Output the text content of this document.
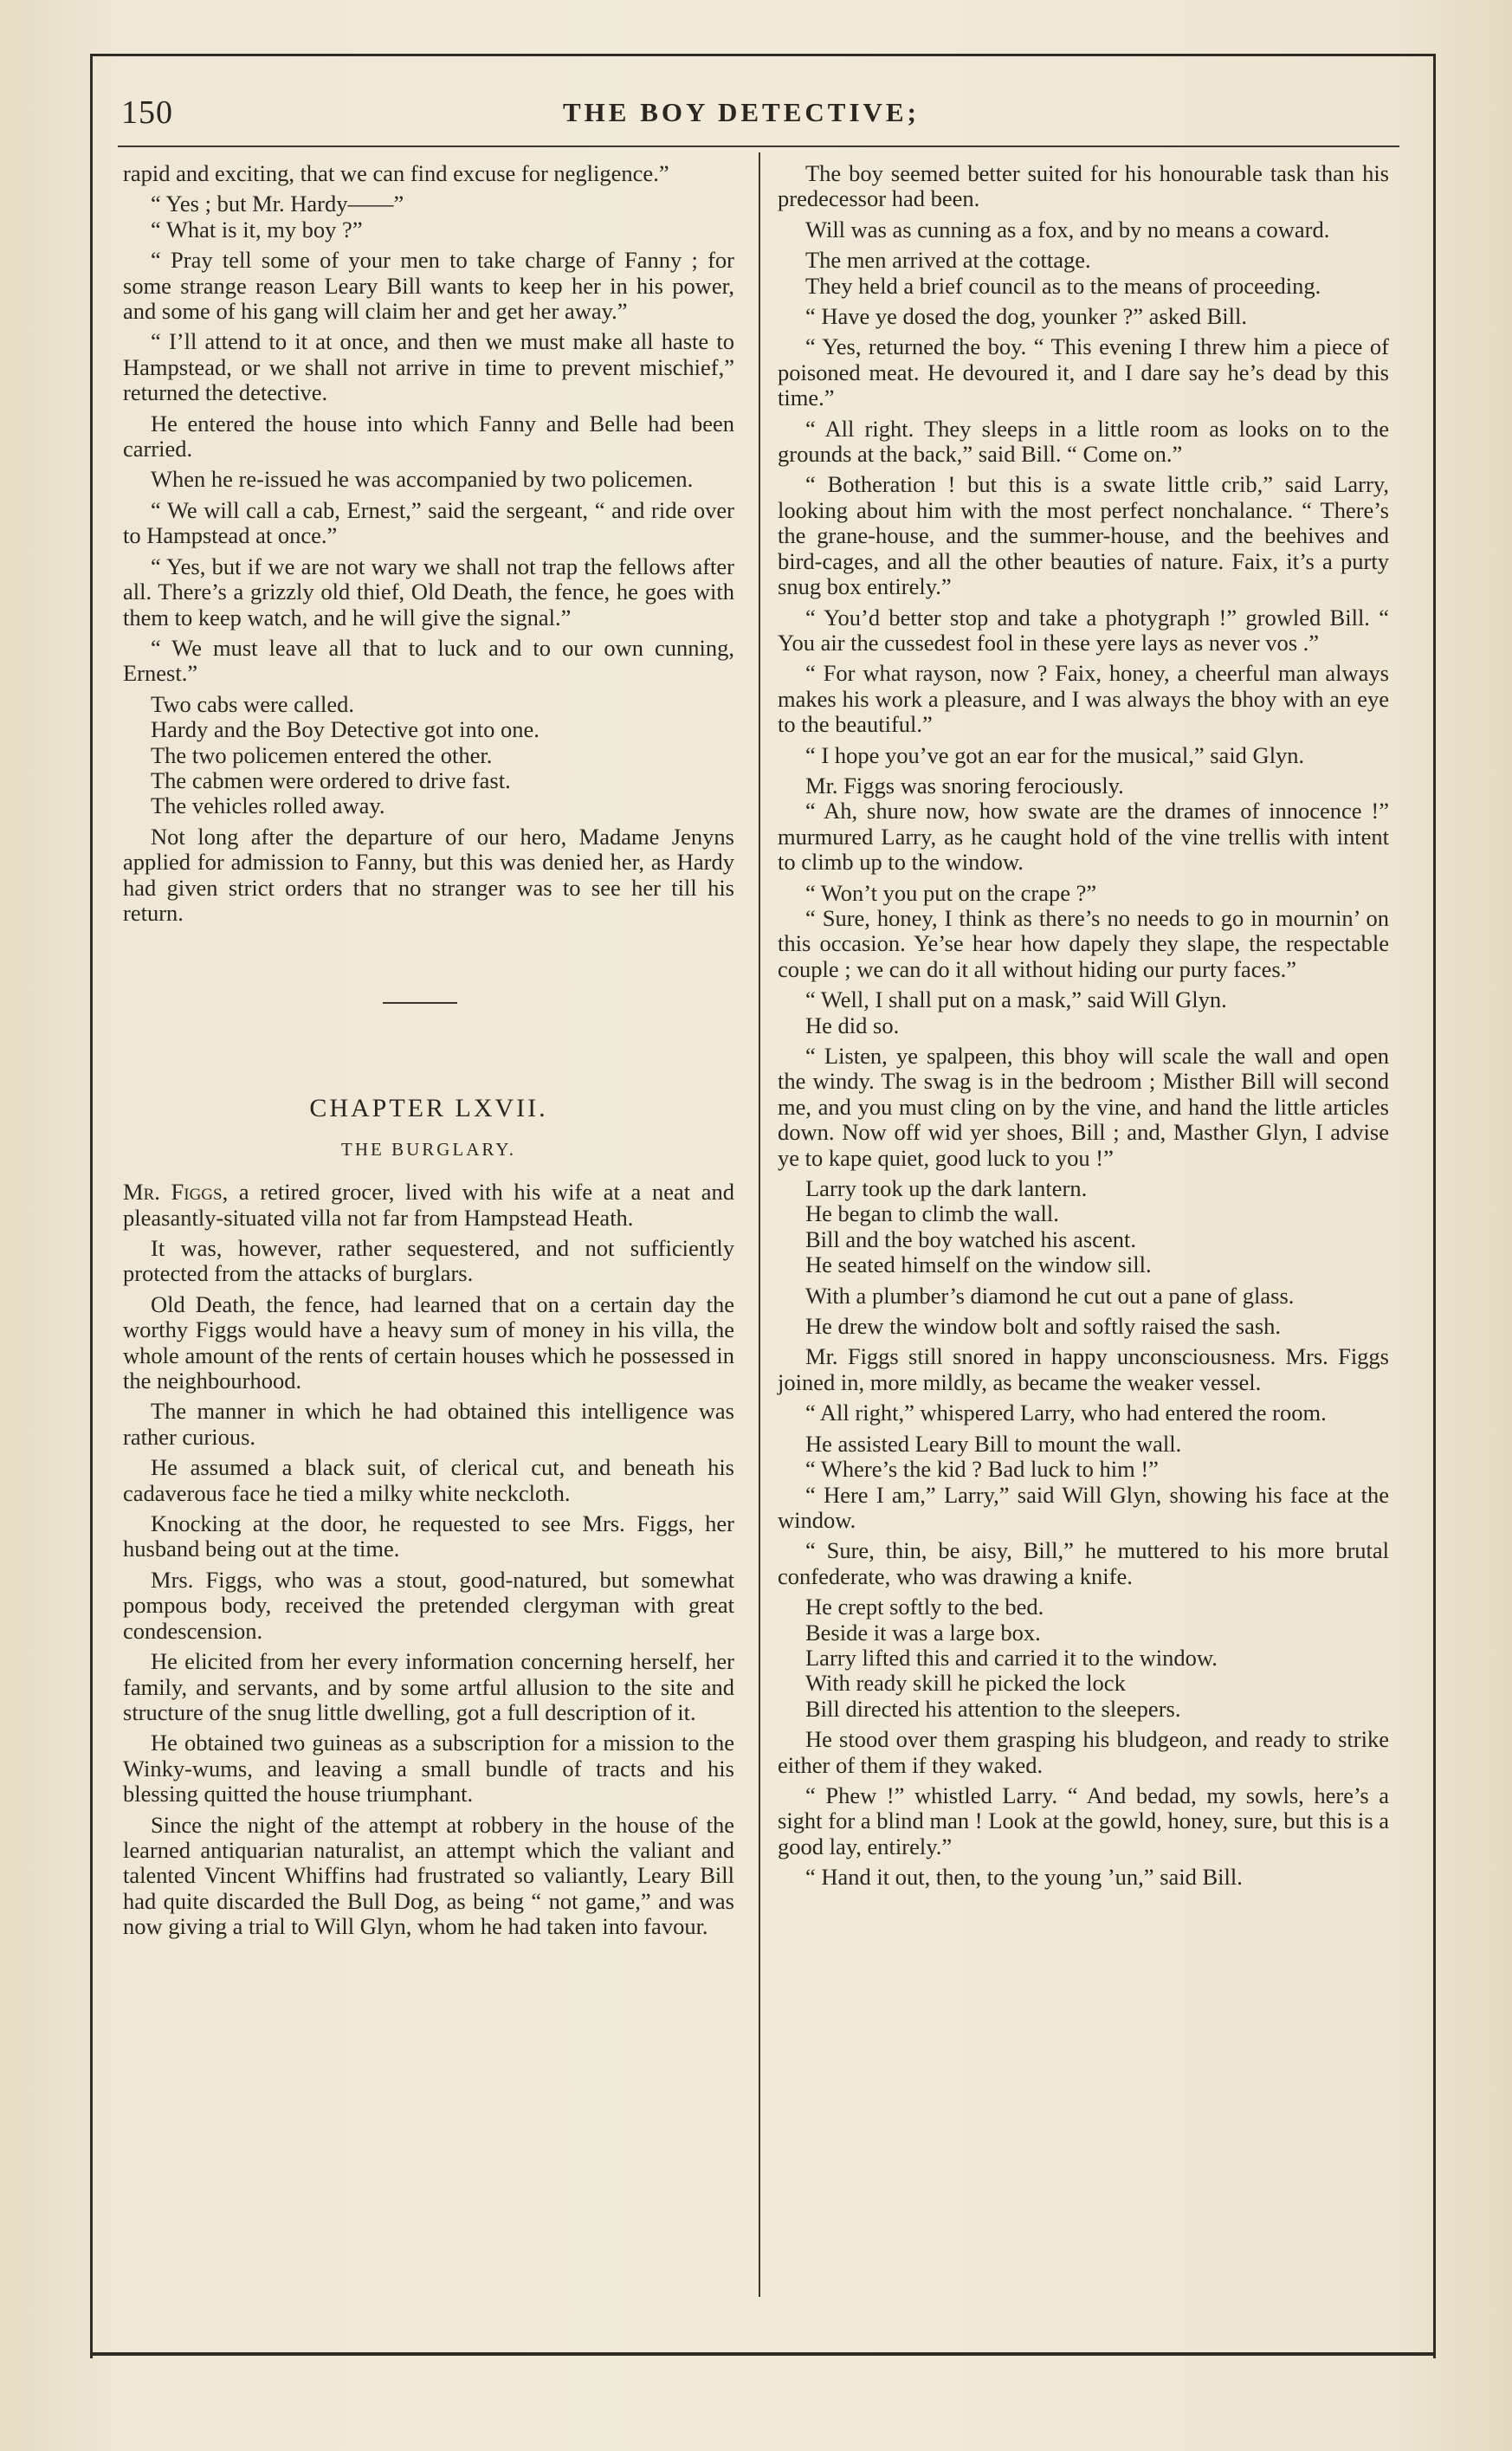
150	THE BOY DETECTIVE;

rapid and exciting, that we can find excuse for negligence.”

“ Yes ; but Mr. Hardy——”

“ What is it, my boy ?”

“ Pray tell some of your men to take charge of Fanny ; for some strange reason Leary Bill wants to keep her in his power, and some of his gang will claim her and get her away.”

“ I’ll attend to it at once, and then we must make all haste to Hampstead, or we shall not arrive in time to prevent mischief,” returned the detective.

He entered the house into which Fanny and Belle had been carried.

When he re-issued he was accompanied by two policemen.

“ We will call a cab, Ernest,” said the sergeant, “ and ride over to Hampstead at once.”

“ Yes, but if we are not wary we shall not trap the fellows after all. There’s a grizzly old thief, Old Death, the fence, he goes with them to keep watch, and he will give the signal.”

“ We must leave all that to luck and to our own cunning, Ernest.”

Two cabs were called.

Hardy and the Boy Detective got into one.

The two policemen entered the other.

The cabmen were ordered to drive fast.

The vehicles rolled away.

Not long after the departure of our hero, Madame Jenyns applied for admission to Fanny, but this was denied her, as Hardy had given strict orders that no stranger was to see her till his return.

CHAPTER LXVII.
THE BURGLARY.

Mr. Figgs, a retired grocer, lived with his wife at a neat and pleasantly-situated villa not far from Hampstead Heath.

It was, however, rather sequestered, and not sufficiently protected from the attacks of burglars.

Old Death, the fence, had learned that on a certain day the worthy Figgs would have a heavy sum of money in his villa, the whole amount of the rents of certain houses which he possessed in the neighbourhood.

The manner in which he had obtained this intelligence was rather curious.

He assumed a black suit, of clerical cut, and beneath his cadaverous face he tied a milky white neckcloth.

Knocking at the door, he requested to see Mrs. Figgs, her husband being out at the time.

Mrs. Figgs, who was a stout, good-natured, but somewhat pompous body, received the pretended clergyman with great condescension.

He elicited from her every information concerning herself, her family, and servants, and by some artful allusion to the site and structure of the snug little dwelling, got a full description of it.

He obtained two guineas as a subscription for a mission to the Winky-wums, and leaving a small bundle of tracts and his blessing quitted the house triumphant.

Since the night of the attempt at robbery in the house of the learned antiquarian naturalist, an attempt which the valiant and talented Vincent Whiffins had frustrated so valiantly, Leary Bill had quite discarded the Bull Dog, as being “ not game,” and was now giving a trial to Will Glyn, whom he had taken into favour.

The boy seemed better suited for his honourable task than his predecessor had been.

Will was as cunning as a fox, and by no means a coward.

The men arrived at the cottage.

They held a brief council as to the means of proceeding.

“ Have ye dosed the dog, younker ?” asked Bill.

“ Yes, returned the boy. “ This evening I threw him a piece of poisoned meat. He devoured it, and I dare say he’s dead by this time.”

“ All right. They sleeps in a little room as looks on to the grounds at the back,” said Bill. “ Come on.”

“ Botheration ! but this is a swate little crib,” said Larry, looking about him with the most perfect nonchalance. “ There’s the grane-house, and the summer-house, and the beehives and bird-cages, and all the other beauties of nature. Faix, it’s a purty snug box entirely.”

“ You’d better stop and take a photygraph !” growled Bill. “ You air the cussedest fool in these yere lays as never vos .”

“ For what rayson, now ? Faix, honey, a cheerful man always makes his work a pleasure, and I was always the bhoy with an eye to the beautiful.”

“ I hope you’ve got an ear for the musical,” said Glyn.

Mr. Figgs was snoring ferociously.

“ Ah, shure now, how swate are the drames of innocence !” murmured Larry, as he caught hold of the vine trellis with intent to climb up to the window.

“ Won’t you put on the crape ?”

“ Sure, honey, I think as there’s no needs to go in mournin’ on this occasion. Ye’se hear how dapely they slape, the respectable couple ; we can do it all without hiding our purty faces.”

“ Well, I shall put on a mask,” said Will Glyn.

He did so.

“ Listen, ye spalpeen, this bhoy will scale the wall and open the windy. The swag is in the bedroom ; Misther Bill will second me, and you must cling on by the vine, and hand the little articles down. Now off wid yer shoes, Bill ; and, Masther Glyn, I advise ye to kape quiet, good luck to you !”

Larry took up the dark lantern.

He began to climb the wall.

Bill and the boy watched his ascent.

He seated himself on the window sill.

With a plumber’s diamond he cut out a pane of glass.

He drew the window bolt and softly raised the sash.

Mr. Figgs still snored in happy unconsciousness. Mrs. Figgs joined in, more mildly, as became the weaker vessel.

“ All right,” whispered Larry, who had entered the room.

He assisted Leary Bill to mount the wall.

“ Where’s the kid ? Bad luck to him !”

“ Here I am,” Larry,” said Will Glyn, showing his face at the window.

“ Sure, thin, be aisy, Bill,” he muttered to his more brutal confederate, who was drawing a knife.

He crept softly to the bed.

Beside it was a large box.

Larry lifted this and carried it to the window.

With ready skill he picked the lock

Bill directed his attention to the sleepers.

He stood over them grasping his bludgeon, and ready to strike either of them if they waked.

“ Phew !” whistled Larry. “ And bedad, my sowls, here’s a sight for a blind man ! Look at the gowld, honey, sure, but this is a good lay, entirely.”

“ Hand it out, then, to the young ’un,” said Bill.
